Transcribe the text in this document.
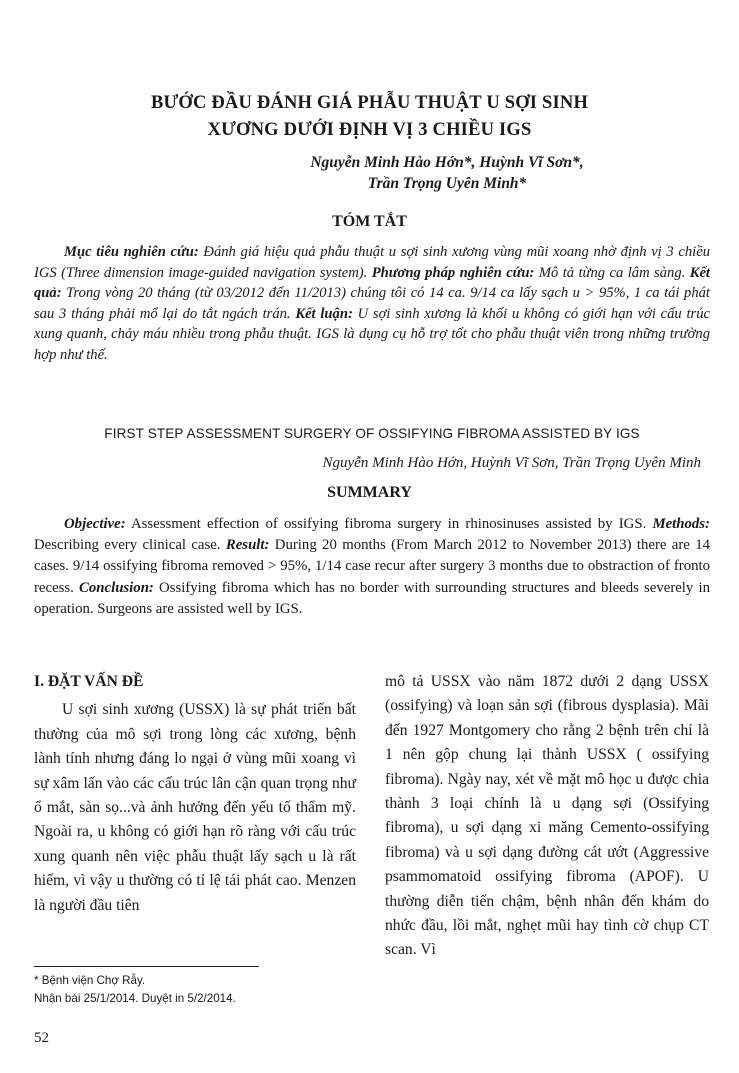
BƯỚC ĐẦU ĐÁNH GIÁ PHẪU THUẬT U SỢI SINH
XƯƠNG DƯỚI ĐỊNH VỊ 3 CHIỀU IGS
Nguyễn Minh Hào Hớn*, Huỳnh Vĩ Sơn*,
Trần Trọng Uyên Minh*
TÓM TẮT

Mục tiêu nghiên cứu: Đánh giá hiệu quả phẫu thuật u sợi sinh xương vùng mũi xoang nhờ định vị 3 chiều IGS (Three dimension image-guided navigation system). Phương pháp nghiên cứu: Mô tả từng ca lâm sàng. Kết quả: Trong vòng 20 tháng (từ 03/2012 đến 11/2013) chúng tôi có 14 ca. 9/14 ca lấy sạch u > 95%, 1 ca tái phát sau 3 tháng phải mổ lại do tắt ngách trán. Kết luận: U sợi sinh xương là khối u không có giới hạn với cấu trúc xung quanh, chảy máu nhiều trong phẫu thuật. IGS là dụng cụ hỗ trợ tốt cho phẫu thuật viên trong những trường hợp như thế.

FIRST STEP ASSESSMENT SURGERY OF OSSIFYING FIBROMA ASSISTED BY IGS
Nguyễn Minh Hào Hớn, Huỳnh Vĩ Sơn, Trần Trọng Uyên Minh
SUMMARY

Objective: Assessment effection of ossifying fibroma surgery in rhinosinuses assisted by IGS. Methods: Describing every clinical case. Result: During 20 months (From March 2012 to November 2013) there are 14 cases. 9/14 ossifying fibroma removed > 95%, 1/14 case recur after surgery 3 months due to obstraction of fronto recess. Conclusion: Ossifying fibroma which has no border with surrounding structures and bleeds severely in operation. Surgeons are assisted well by IGS.

I. ĐẶT VẤN ĐỀ

U sợi sinh xương (USSX) là sự phát triển bất thường của mô sợi trong lòng các xương, bệnh lành tính nhưng đáng lo ngại ở vùng mũi xoang vì sự xâm lấn vào các cấu trúc lân cận quan trọng như ổ mắt, sàn sọ...và ảnh hưởng đến yếu tố thẩm mỹ. Ngoài ra, u không có giới hạn rõ ràng với cấu trúc xung quanh nên việc phẫu thuật lấy sạch u là rất hiếm, vì vậy u thường có tỉ lệ tái phát cao. Menzen là người đầu tiên

mô tả USSX vào năm 1872 dưới 2 dạng USSX (ossifying) và loạn sản sợi (fibrous dysplasia). Mãi đến 1927 Montgomery cho rằng 2 bệnh trên chỉ là 1 nên gộp chung lại thành USSX ( ossifying fibroma). Ngày nay, xét về mặt mô học u được chia thành 3 loại chính là u dạng sợi (Ossifying fibroma), u sợi dạng xi măng Cemento-ossifying fibroma) và u sợi dạng đường cát ướt (Aggressive psammomatoid ossifying fibroma (APOF). U thường diễn tiến chậm, bệnh nhân đến khám do nhức đầu, lồi mắt, nghẹt mũi hay tình cờ chụp CT scan. Vì

* Bệnh viện Chợ Rẫy.
Nhận bài 25/1/2014. Duyệt in 5/2/2014.
52
